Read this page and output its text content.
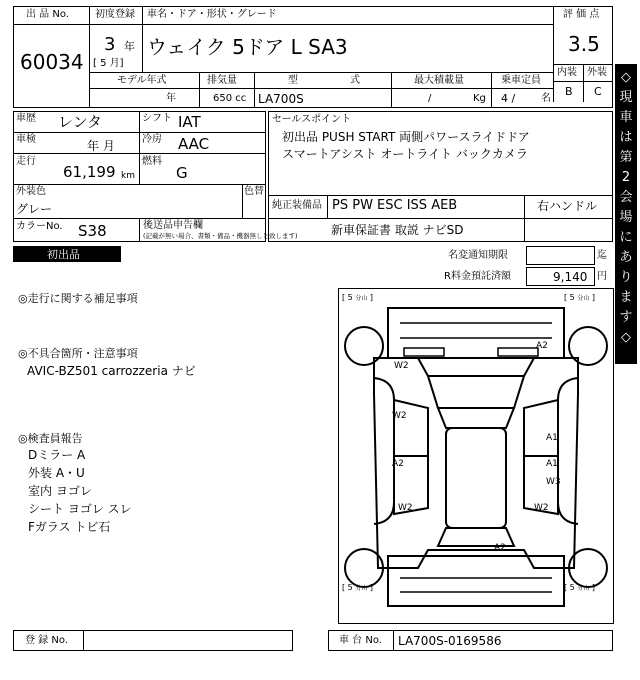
出 品 No.
60034
初度登録
3 年
[ 5 月]
車名・ドア・形状・グレード
ウェイク 5ドア L SA3
評 価 点
3.5
内装 外装
B C
モデル年式
年
排気量
650 cc
型	式
LA700S
最大積載量
/	Kg
乗車定員
4 /	名
車歴 レンタ	シフト IAT
車検	年 月	冷房 AAC
走行
61,199 km
燃料
G
外装色
グレー
色替
カラーNo. S38	後送品申告欄
(記載が無い場合、書類・備品・機器無しと致します)
セールスポイント
初出品 PUSH START 両側パワースライドドア
スマートアシスト オートライト バックカメラ
純正装備品 PS PW ESC ISS AEB	右ハンドル
新車保証書 取説 ナビSD
◇
現
車
は
第
2
会
場
に
あ
り
ま
す
◇
初出品	名変通知期限	迄
R料金預託済額	9,140 円
◎走行に関する補足事項
◎不具合箇所・注意事項
AVIC-BZ501 carrozzeria ナビ
◎検査員報告
Dミラー A
外装 A・U
室内 ヨゴレ
シート ヨゴレ スレ
Fガラス トビ石
[ 5 分山 ]	[ 5 分山 ]
[ 5 分山 ]	[ 5 分山 ]
A2
W2
W2
A2
W2
A1
A1
W3
W2
A2
登 録 No.	車 台 No. LA700S-0169586
